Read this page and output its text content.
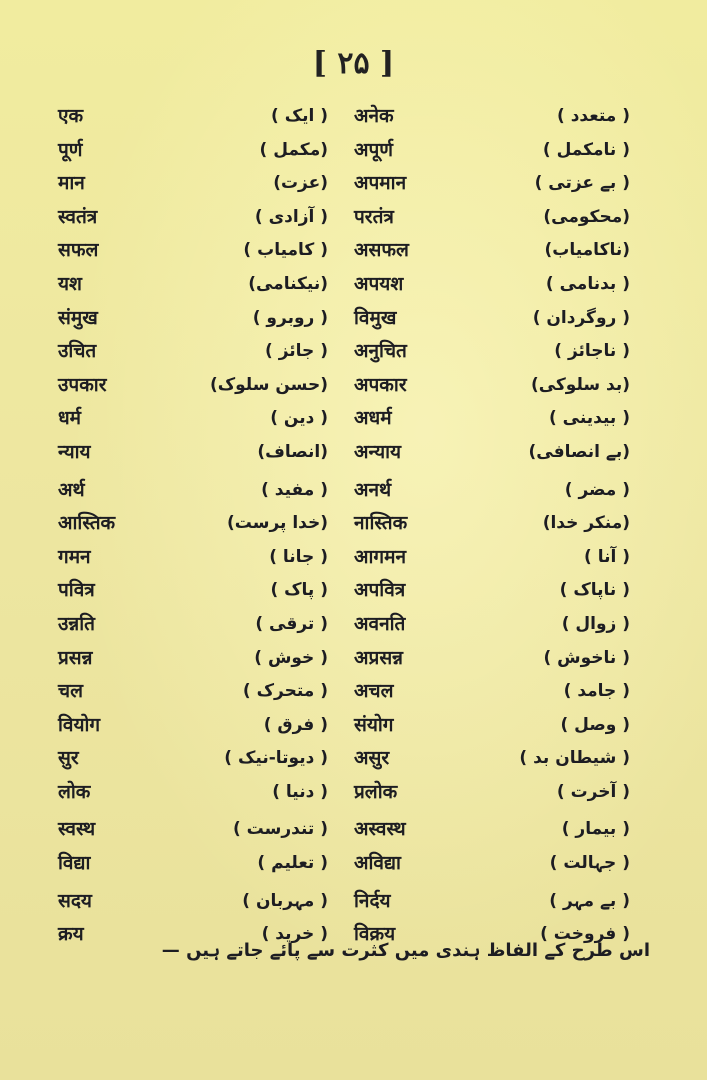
[ ۲۵ ]
एक	( ایک ) अनेक	( متعدد )
पूर्ण	(مکمل ) अपूर्ण	( نامکمل )
मान	(عزت) अपमान	( بے عزتی )
स्वतंत्र	( آزادی ) परतंत्र	(محکومی)
सफल	( کامیاب ) असफल	(ناکامیاب)
यश	(نیکنامی) अपयश	( بدنامی )
संमुख	( روبرو ) विमुख	( روگردان )
उचित	( جائز ) अनुचित	( ناجائز )
उपकार	(حسن سلوک) अपकार	(بد سلوکی)
धर्म	( دین ) अधर्म	( بیدینی )
न्याय	(انصاف) अन्याय	(بے انصافی)
अर्थ	( مفید ) अनर्थ	( مضر )
आस्तिक	(خدا پرست) नास्तिक	(منکر خدا)
गमन	( جانا ) आगमन	( آنا )
पवित्र	( پاک ) अपवित्र	( ناپاک )
उन्नति	( ترقی ) अवनति	( زوال )
प्रसन्न	( خوش ) अप्रसन्न	( ناخوش )
चल	( متحرک ) अचल	( جامد )
वियोग	( فرق ) संयोग	( وصل )
सुर	( دیوتا-نیک ) असुर	( شیطان بد )
लोक	( دنیا ) प्रलोक	( آخرت )
स्वस्थ	( تندرست ) अस्वस्थ	( بیمار )
विद्या	( تعلیم ) अविद्या	( جہالت )
सदय	( مہربان ) निर्दय	( بے مہر )
क्रय	( خرید ) विक्रय	( فروخت )
اس طرح کے الفاظ ہندی میں کثرت سے پائے جاتے ہیں —
